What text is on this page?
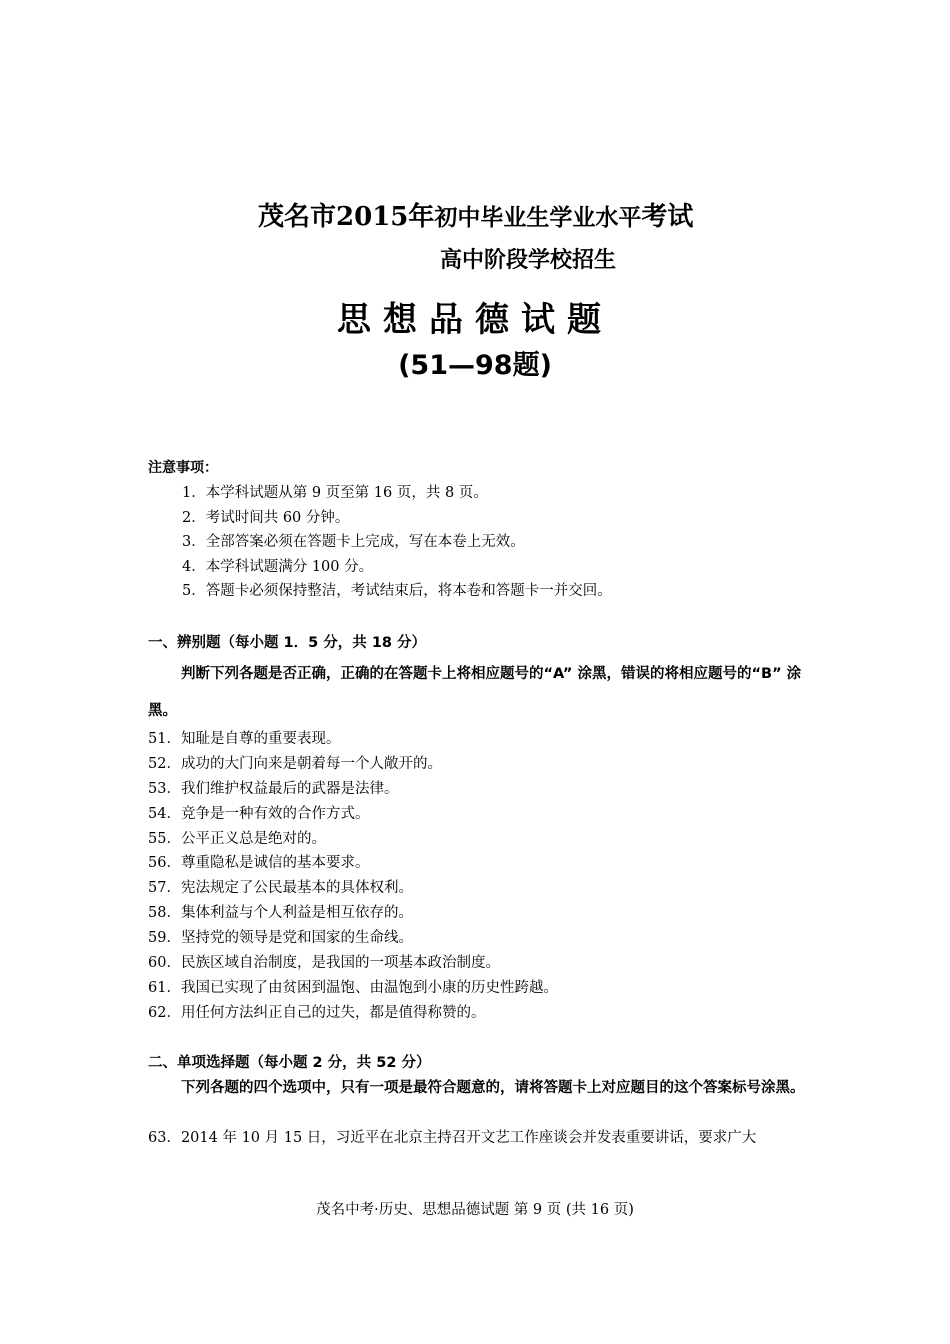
茂名市2015年初中毕业生学业水平考试
高中阶段学校招生
思想品德试题
(51—98题)
注意事项：
1．本学科试题从第 9 页至第 16 页，共 8 页。
2．考试时间共 60 分钟。
3．全部答案必须在答题卡上完成，写在本卷上无效。
4．本学科试题满分 100 分。
5．答题卡必须保持整洁，考试结束后，将本卷和答题卡一并交回。
一、辨别题（每小题 1．5 分，共 18 分）
判断下列各题是否正确，正确的在答题卡上将相应题号的“A” 涂黑，错误的将相应题号的“B” 涂黑。
51．知耻是自尊的重要表现。
52．成功的大门向来是朝着每一个人敞开的。
53．我们维护权益最后的武器是法律。
54．竞争是一种有效的合作方式。
55．公平正义总是绝对的。
56．尊重隐私是诚信的基本要求。
57．宪法规定了公民最基本的具体权利。
58．集体利益与个人利益是相互依存的。
59．坚持党的领导是党和国家的生命线。
60．民族区域自治制度，是我国的一项基本政治制度。
61．我国已实现了由贫困到温饱、由温饱到小康的历史性跨越。
62．用任何方法纠正自己的过失，都是值得称赞的。
二、单项选择题（每小题 2 分，共 52 分）
下列各题的四个选项中，只有一项是最符合题意的，请将答题卡上对应题目的这个答案标号涂黑。
63．2014 年 10 月 15 日，习近平在北京主持召开文艺工作座谈会并发表重要讲话，要求广大
茂名中考·历史、思想品德试题 第 9 页 (共 16 页)
